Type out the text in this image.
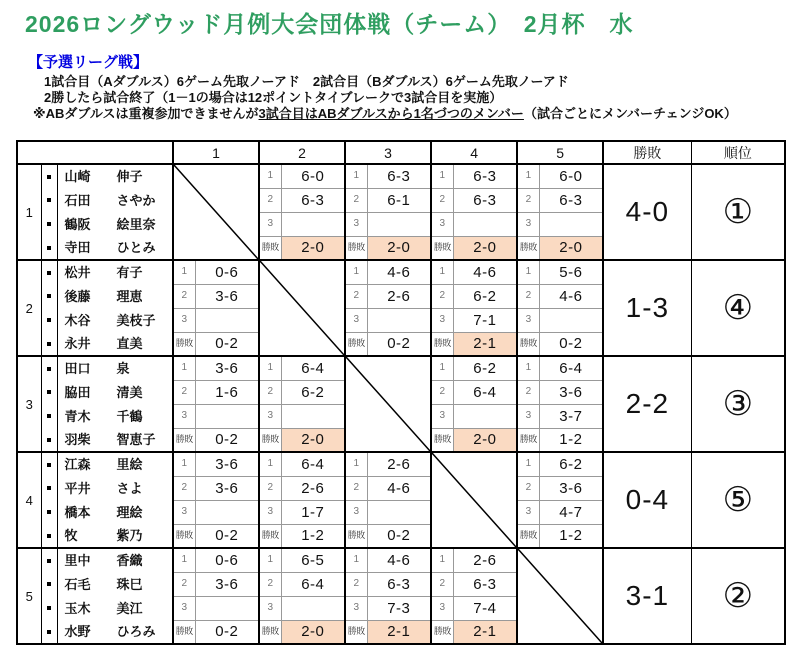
2026ロングウッド月例大会団体戦（チーム）　2月杯　水
【予選リーグ戦】

1試合目（Aダブルス）6ゲーム先取ノーアド　2試合目（Bダブルス）6ゲーム先取ノーアド

2勝したら試合終了（1－1の場合は12ポイントタイブレークで3試合目を実施）

※ABダブルスは重複参加できませんが3試合目はABダブルスから1名づつのメンバー（試合ごとにメンバーチェンジOK）

			1		2		3		4		5		勝敗	順位
1		山崎 伸子			1	6-0	1	6-3	1	6-3	1	6-0	4-0	①

		石田 さやか			2	6-3	2	6-1	2	6-3	2	6-3		

		鶴阪 絵里奈			3		3		3		3			

		寺田 ひとみ			勝敗	2-0	勝敗	2-0	勝敗	2-0	勝敗	2-0		
2		松井 有子	1	0-6			1	4-6	1	4-6	1	5-6	1-3	④

		後藤 理恵	2	3-6			2	2-6	2	6-2	2	4-6		

		木谷 美枝子	3				3		3	7-1	3			

		永井 直美	勝敗	0-2			勝敗	0-2	勝敗	2-1	勝敗	0-2		
3		田口 泉	1	3-6	1	6-4			1	6-2	1	6-4	2-2	③

		脇田 清美	2	1-6	2	6-2			2	6-4	2	3-6		

		青木 千鶴	3		3				3		3	3-7		

		羽柴 智恵子	勝敗	0-2	勝敗	2-0			勝敗	2-0	勝敗	1-2		
4		江森 里絵	1	3-6	1	6-4	1	2-6			1	6-2	0-4	⑤

		平井 さよ	2	3-6	2	2-6	2	4-6			2	3-6		

		橋本 理絵	3		3	1-7	3				3	4-7		

		牧 紫乃	勝敗	0-2	勝敗	1-2	勝敗	0-2			勝敗	1-2		
5		里中 香織	1	0-6	1	6-5	1	4-6	1	2-6			3-1	②

		石毛 珠巳	2	3-6	2	6-4	2	6-3	2	6-3				

		玉木 美江	3		3		3	7-3	3	7-4				

		水野 ひろみ	勝敗	0-2	勝敗	2-0	勝敗	2-1	勝敗	2-1				
